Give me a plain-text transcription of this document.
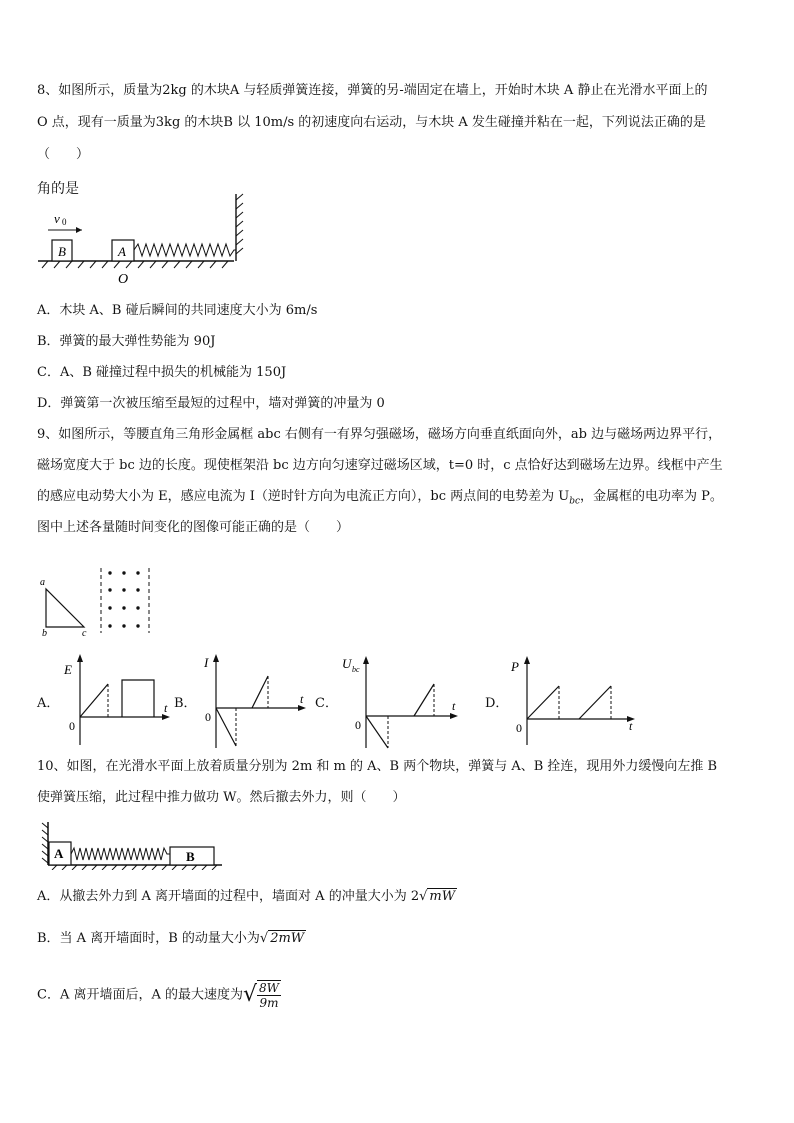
8、如图所示，质量为2kg 的木块A 与轻质弹簧连接，弹簧的另-端固定在墙上，开始时木块 A 静止在光滑水平面上的
O 点，现有一质量为3kg 的木块B 以 10m/s 的初速度向右运动，与木块 A 发生碰撞并粘在一起，下列说法正确的是
（　　）
角的是
v 0
B	A
O
A．木块 A、B 碰后瞬间的共同速度大小为 6m/s
B．弹簧的最大弹性势能为 90J
C．A、B 碰撞过程中损失的机械能为 150J
D．弹簧第一次被压缩至最短的过程中，墙对弹簧的冲量为 0
9、如图所示，等腰直角三角形金属框 abc 右侧有一有界匀强磁场，磁场方向垂直纸面向外，ab 边与磁场两边界平行，
磁场宽度大于 bc 边的长度。现使框架沿 bc 边方向匀速穿过磁场区域，t=0 时，c 点恰好达到磁场左边界。线框中产生
的感应电动势大小为 E，感应电流为 I（逆时针方向为电流正方向），bc 两点间的电势差为 $U_{bc}$，金属框的电功率为 P。
图中上述各量随时间变化的图像可能正确的是（　　）
a
b	c
A．
E
0
t B．
I
0
t C．
U bc
0
t D．
P
0	t
10、如图，在光滑水平面上放着质量分别为 2m 和 m 的 A、B 两个物块，弹簧与 A、B 拴连，现用外力缓慢向左推 B
使弹簧压缩，此过程中推力做功 W。然后撤去外力，则（　　）
A	B
A．从撤去外力到 A 离开墙面的过程中，墙面对 A 的冲量大小为 2√ mW
B．当 A 离开墙面时，B 的动量大小为√ 2mW
C．A 离开墙面后，A 的最大速度为√ $\frac{8W}{9m}$
